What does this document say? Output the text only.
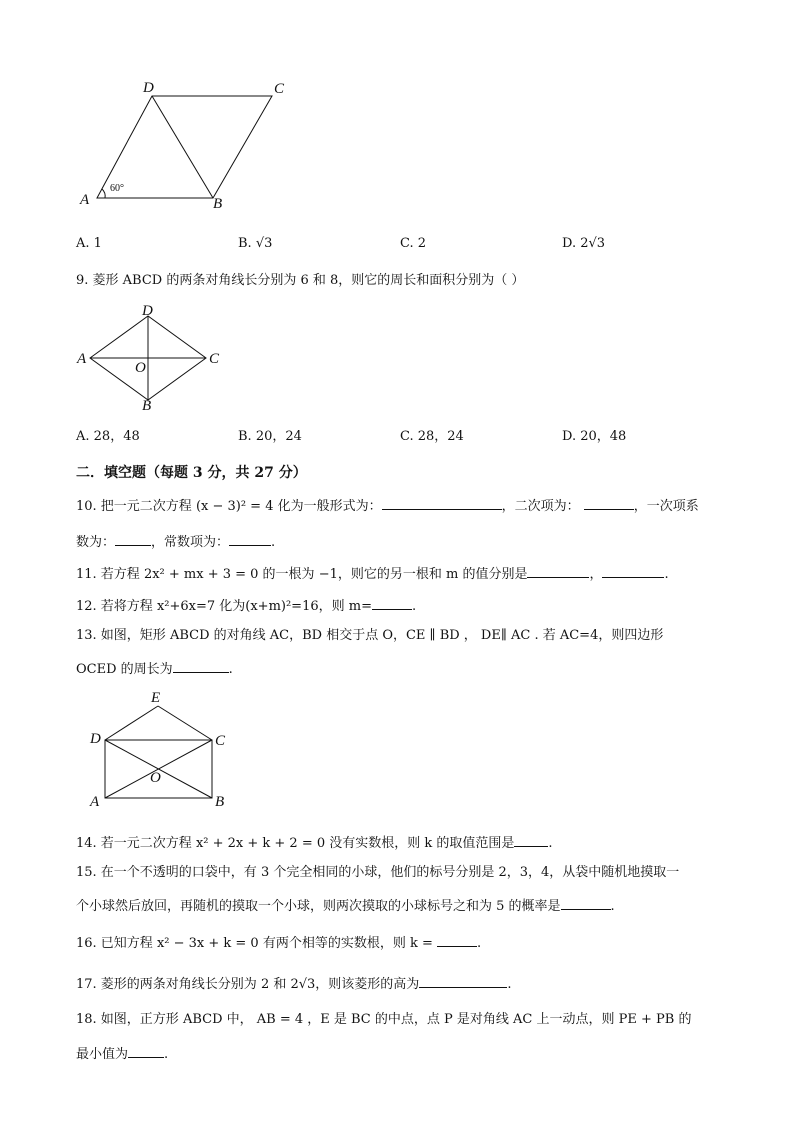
D	C
A	B
60°
A. 1	B. √3	C. 2	D. 2√3
9. 菱形 ABCD 的两条对角线长分别为 6 和 8，则它的周长和面积分别为（ ）
D
A	C
O
B
A. 28，48	B. 20，24	C. 28，24	D. 20，48
二．填空题（每题 3 分，共 27 分）
10. 把一元二次方程 (x − 3)² = 4 化为一般形式为：	，二次项为：	，一次项系
数为：	，常数项为：	.
11. 若方程 2x² + mx + 3 = 0 的一根为 −1，则它的另一根和 m 的值分别是	，	.
12. 若将方程 x²+6x=7 化为(x+m)²=16，则 m=	.
13. 如图，矩形 ABCD 的对角线 AC，BD 相交于点 O，CE ∥ BD ， DE∥ AC . 若 AC=4，则四边形
OCED 的周长为	.
E
D	C
O
A	B
14. 若一元二次方程 x² + 2x + k + 2 = 0 没有实数根，则 k 的取值范围是	.
15. 在一个不透明的口袋中，有 3 个完全相同的小球，他们的标号分别是 2，3，4，从袋中随机地摸取一
个小球然后放回，再随机的摸取一个小球，则两次摸取的小球标号之和为 5 的概率是	.
16. 已知方程 x² − 3x + k = 0 有两个相等的实数根，则 k =	.
17. 菱形的两条对角线长分别为 2 和 2√3，则该菱形的高为	.
18. 如图，正方形 ABCD 中， AB = 4 ，E 是 BC 的中点，点 P 是对角线 AC 上一动点，则 PE + PB 的
最小值为	.
